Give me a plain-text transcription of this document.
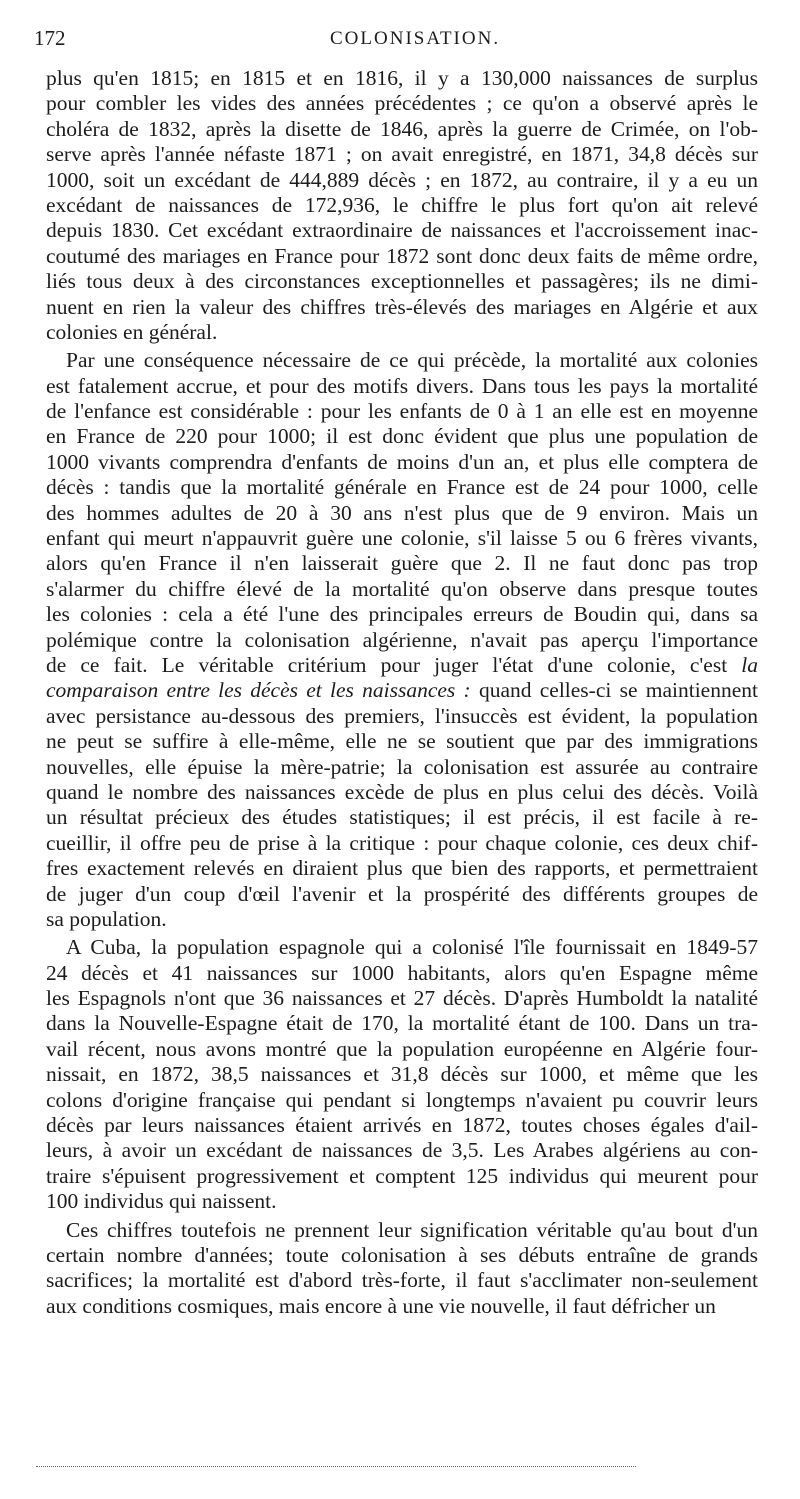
172	COLONISATION.
plus qu'en 1815; en 1815 et en 1816, il y a 130,000 naissances de surplus
pour combler les vides des années précédentes ; ce qu'on a observé après le
choléra de 1832, après la disette de 1846, après la guerre de Crimée, on l'ob-
serve après l'année néfaste 1871 ; on avait enregistré, en 1871, 34,8 décès sur
1000, soit un excédant de 444,889 décès ; en 1872, au contraire, il y a eu un
excédant de naissances de 172,936, le chiffre le plus fort qu'on ait relevé
depuis 1830. Cet excédant extraordinaire de naissances et l'accroissement inac-
coutumé des mariages en France pour 1872 sont donc deux faits de même ordre,
liés tous deux à des circonstances exceptionnelles et passagères; ils ne dimi-
nuent en rien la valeur des chiffres très-élevés des mariages en Algérie et aux
colonies en général.
Par une conséquence nécessaire de ce qui précède, la mortalité aux colonies
est fatalement accrue, et pour des motifs divers. Dans tous les pays la mortalité
de l'enfance est considérable : pour les enfants de 0 à 1 an elle est en moyenne
en France de 220 pour 1000; il est donc évident que plus une population de
1000 vivants comprendra d'enfants de moins d'un an, et plus elle comptera de
décès : tandis que la mortalité générale en France est de 24 pour 1000, celle
des hommes adultes de 20 à 30 ans n'est plus que de 9 environ. Mais un
enfant qui meurt n'appauvrit guère une colonie, s'il laisse 5 ou 6 frères vivants,
alors qu'en France il n'en laisserait guère que 2. Il ne faut donc pas trop
s'alarmer du chiffre élevé de la mortalité qu'on observe dans presque toutes
les colonies : cela a été l'une des principales erreurs de Boudin qui, dans sa
polémique contre la colonisation algérienne, n'avait pas aperçu l'importance
de ce fait. Le véritable critérium pour juger l'état d'une colonie, c'est la
comparaison entre les décès et les naissances : quand celles-ci se maintiennent
avec persistance au-dessous des premiers, l'insuccès est évident, la population
ne peut se suffire à elle-même, elle ne se soutient que par des immigrations
nouvelles, elle épuise la mère-patrie; la colonisation est assurée au contraire
quand le nombre des naissances excède de plus en plus celui des décès. Voilà
un résultat précieux des études statistiques; il est précis, il est facile à re-
cueillir, il offre peu de prise à la critique : pour chaque colonie, ces deux chif-
fres exactement relevés en diraient plus que bien des rapports, et permettraient
de juger d'un coup d'œil l'avenir et la prospérité des différents groupes de
sa population.
A Cuba, la population espagnole qui a colonisé l'île fournissait en 1849-57
24 décès et 41 naissances sur 1000 habitants, alors qu'en Espagne même
les Espagnols n'ont que 36 naissances et 27 décès. D'après Humboldt la natalité
dans la Nouvelle-Espagne était de 170, la mortalité étant de 100. Dans un tra-
vail récent, nous avons montré que la population européenne en Algérie four-
nissait, en 1872, 38,5 naissances et 31,8 décès sur 1000, et même que les
colons d'origine française qui pendant si longtemps n'avaient pu couvrir leurs
décès par leurs naissances étaient arrivés en 1872, toutes choses égales d'ail-
leurs, à avoir un excédant de naissances de 3,5. Les Arabes algériens au con-
traire s'épuisent progressivement et comptent 125 individus qui meurent pour
100 individus qui naissent.
Ces chiffres toutefois ne prennent leur signification véritable qu'au bout d'un
certain nombre d'années; toute colonisation à ses débuts entraîne de grands
sacrifices; la mortalité est d'abord très-forte, il faut s'acclimater non-seulement
aux conditions cosmiques, mais encore à une vie nouvelle, il faut défricher un
